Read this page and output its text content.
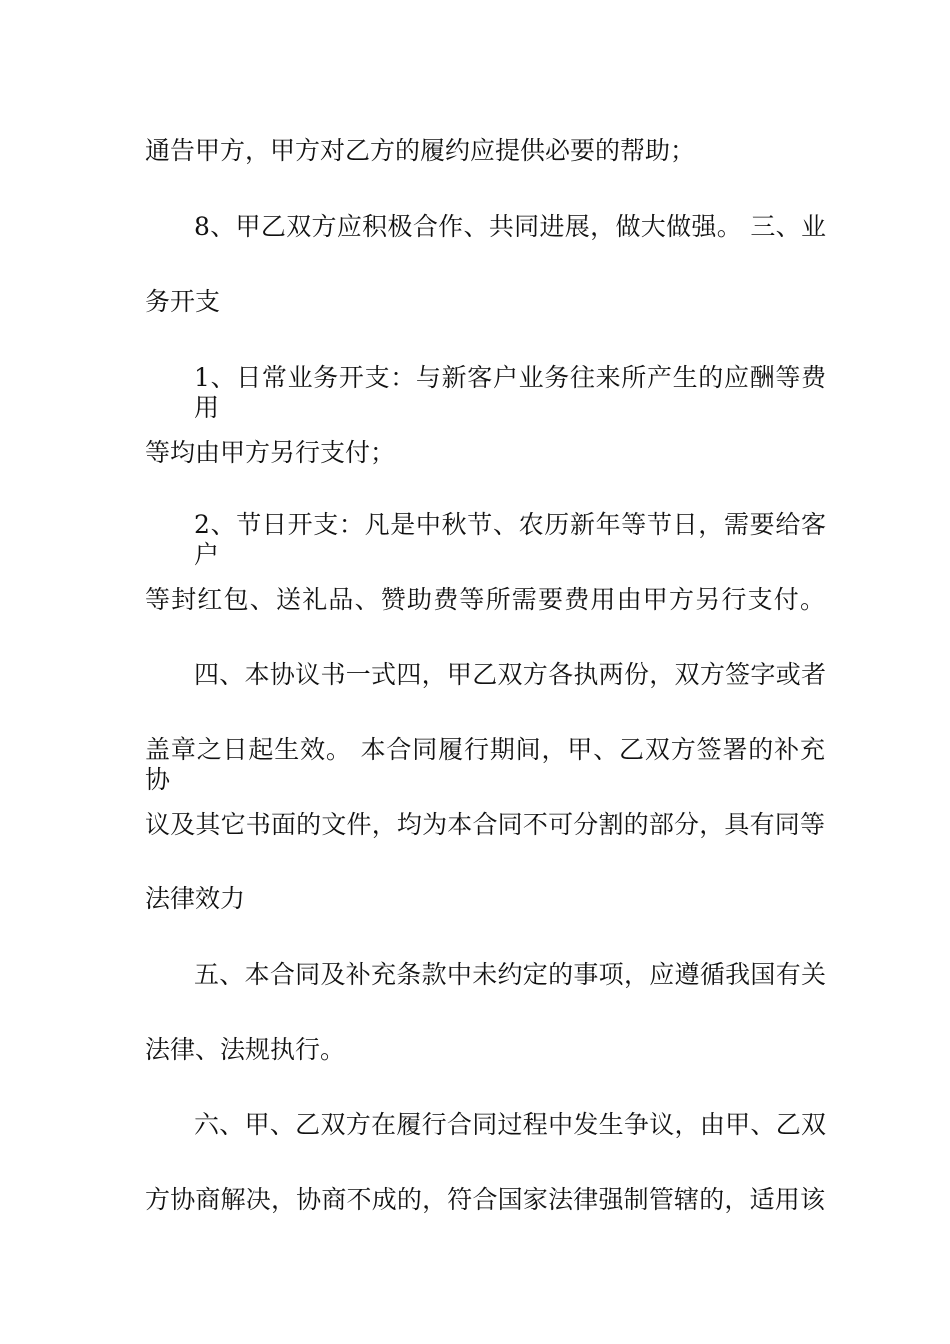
通告甲方，甲方对乙方的履约应提供必要的帮助；
8、甲乙双方应积极合作、共同进展，做大做强。 三、业
务开支
1、日常业务开支：与新客户业务往来所产生的应酬等费用
等均由甲方另行支付；
2、节日开支：凡是中秋节、农历新年等节日，需要给客户
等封红包、送礼品、赞助费等所需要费用由甲方另行支付。
四、本协议书一式四，甲乙双方各执两份，双方签字或者
盖章之日起生效。 本合同履行期间，甲、乙双方签署的补充协
议及其它书面的文件，均为本合同不可分割的部分，具有同等
法律效力
五、本合同及补充条款中未约定的事项，应遵循我国有关
法律、法规执行。
六、甲、乙双方在履行合同过程中发生争议，由甲、乙双
方协商解决，协商不成的，符合国家法律强制管辖的，适用该
